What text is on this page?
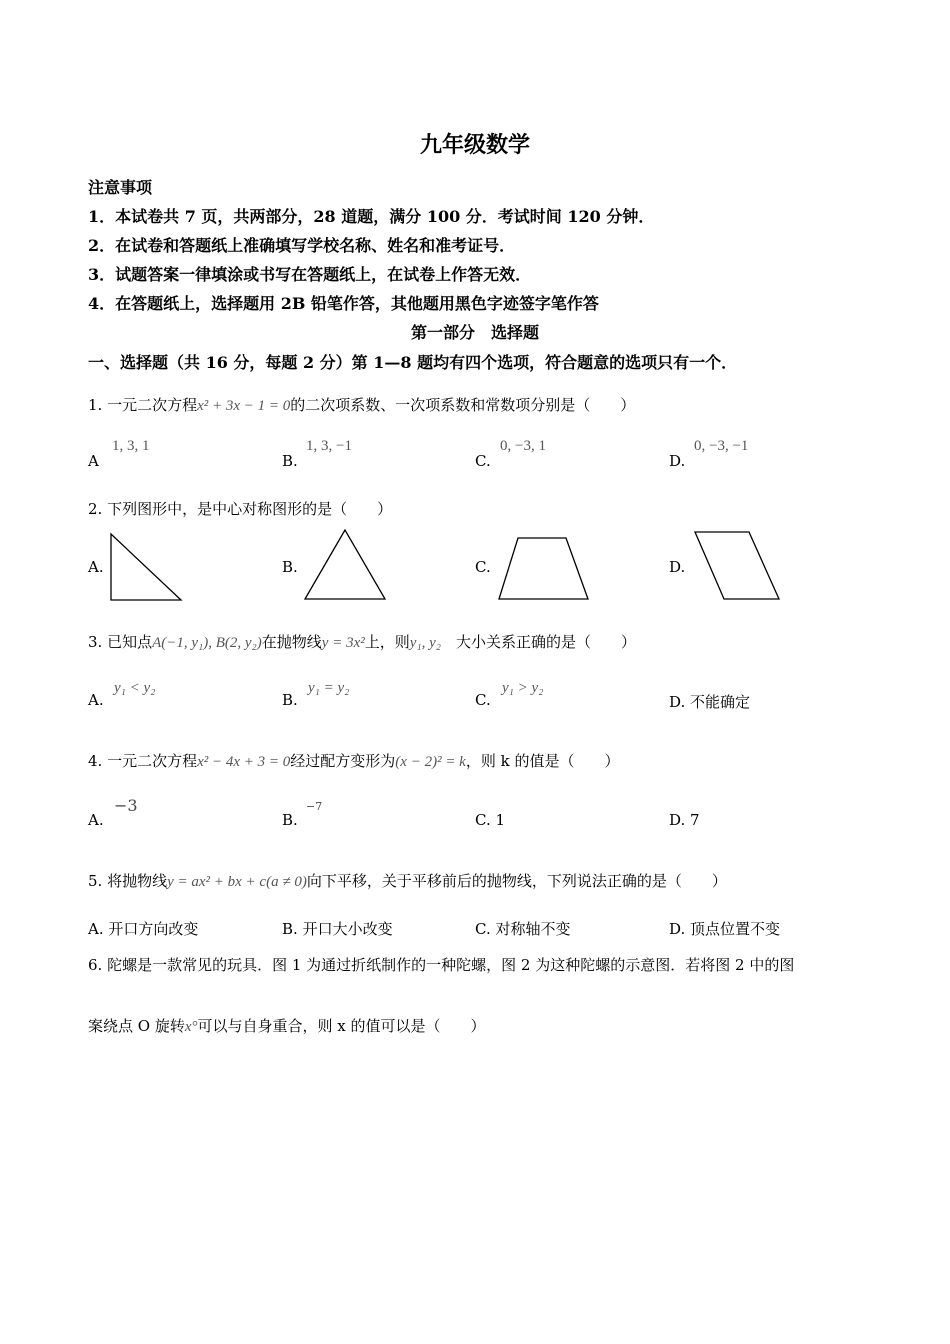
九年级数学
注意事项
1．本试卷共 7 页，共两部分，28 道题，满分 100 分．考试时间 120 分钟．
2．在试卷和答题纸上准确填写学校名称、姓名和准考证号．
3．试题答案一律填涂或书写在答题纸上，在试卷上作答无效．
4．在答题纸上，选择题用 2B 铅笔作答，其他题用黑色字迹签字笔作答
第一部分　选择题
一、选择题（共 16 分，每题 2 分）第 1—8 题均有四个选项，符合题意的选项只有一个．
1. 一元二次方程x² + 3x − 1 = 0的二次项系数、一次项系数和常数项分别是（　　）
A
1, 3, 1
B.
1, 3, −1
C.
0, −3, 1
D.
0, −3, −1
2. 下列图形中，是中心对称图形的是（　　）
A.	B.	C.	D.
3. 已知点A(−1, y₁), B(2, y₂)在抛物线y = 3x²上，则y₁, y₂　大小关系正确的是（　　）
A.
y₁ < y₂
B.
y₁ = y₂
C.
y₁ > y₂
D. 不能确定
4. 一元二次方程x² − 4x + 3 = 0经过配方变形为(x − 2)² = k，则 k 的值是（　　）
A.
−3
B.
−7
C. 1	D. 7
5. 将抛物线y = ax² + bx + c(a ≠ 0)向下平移，关于平移前后的抛物线，下列说法正确的是（　　）
A. 开口方向改变	B. 开口大小改变	C. 对称轴不变	D. 顶点位置不变
6. 陀螺是一款常见的玩具．图 1 为通过折纸制作的一种陀螺，图 2 为这种陀螺的示意图．若将图 2 中的图
案绕点 O 旋转x°可以与自身重合，则 x 的值可以是（　　）
